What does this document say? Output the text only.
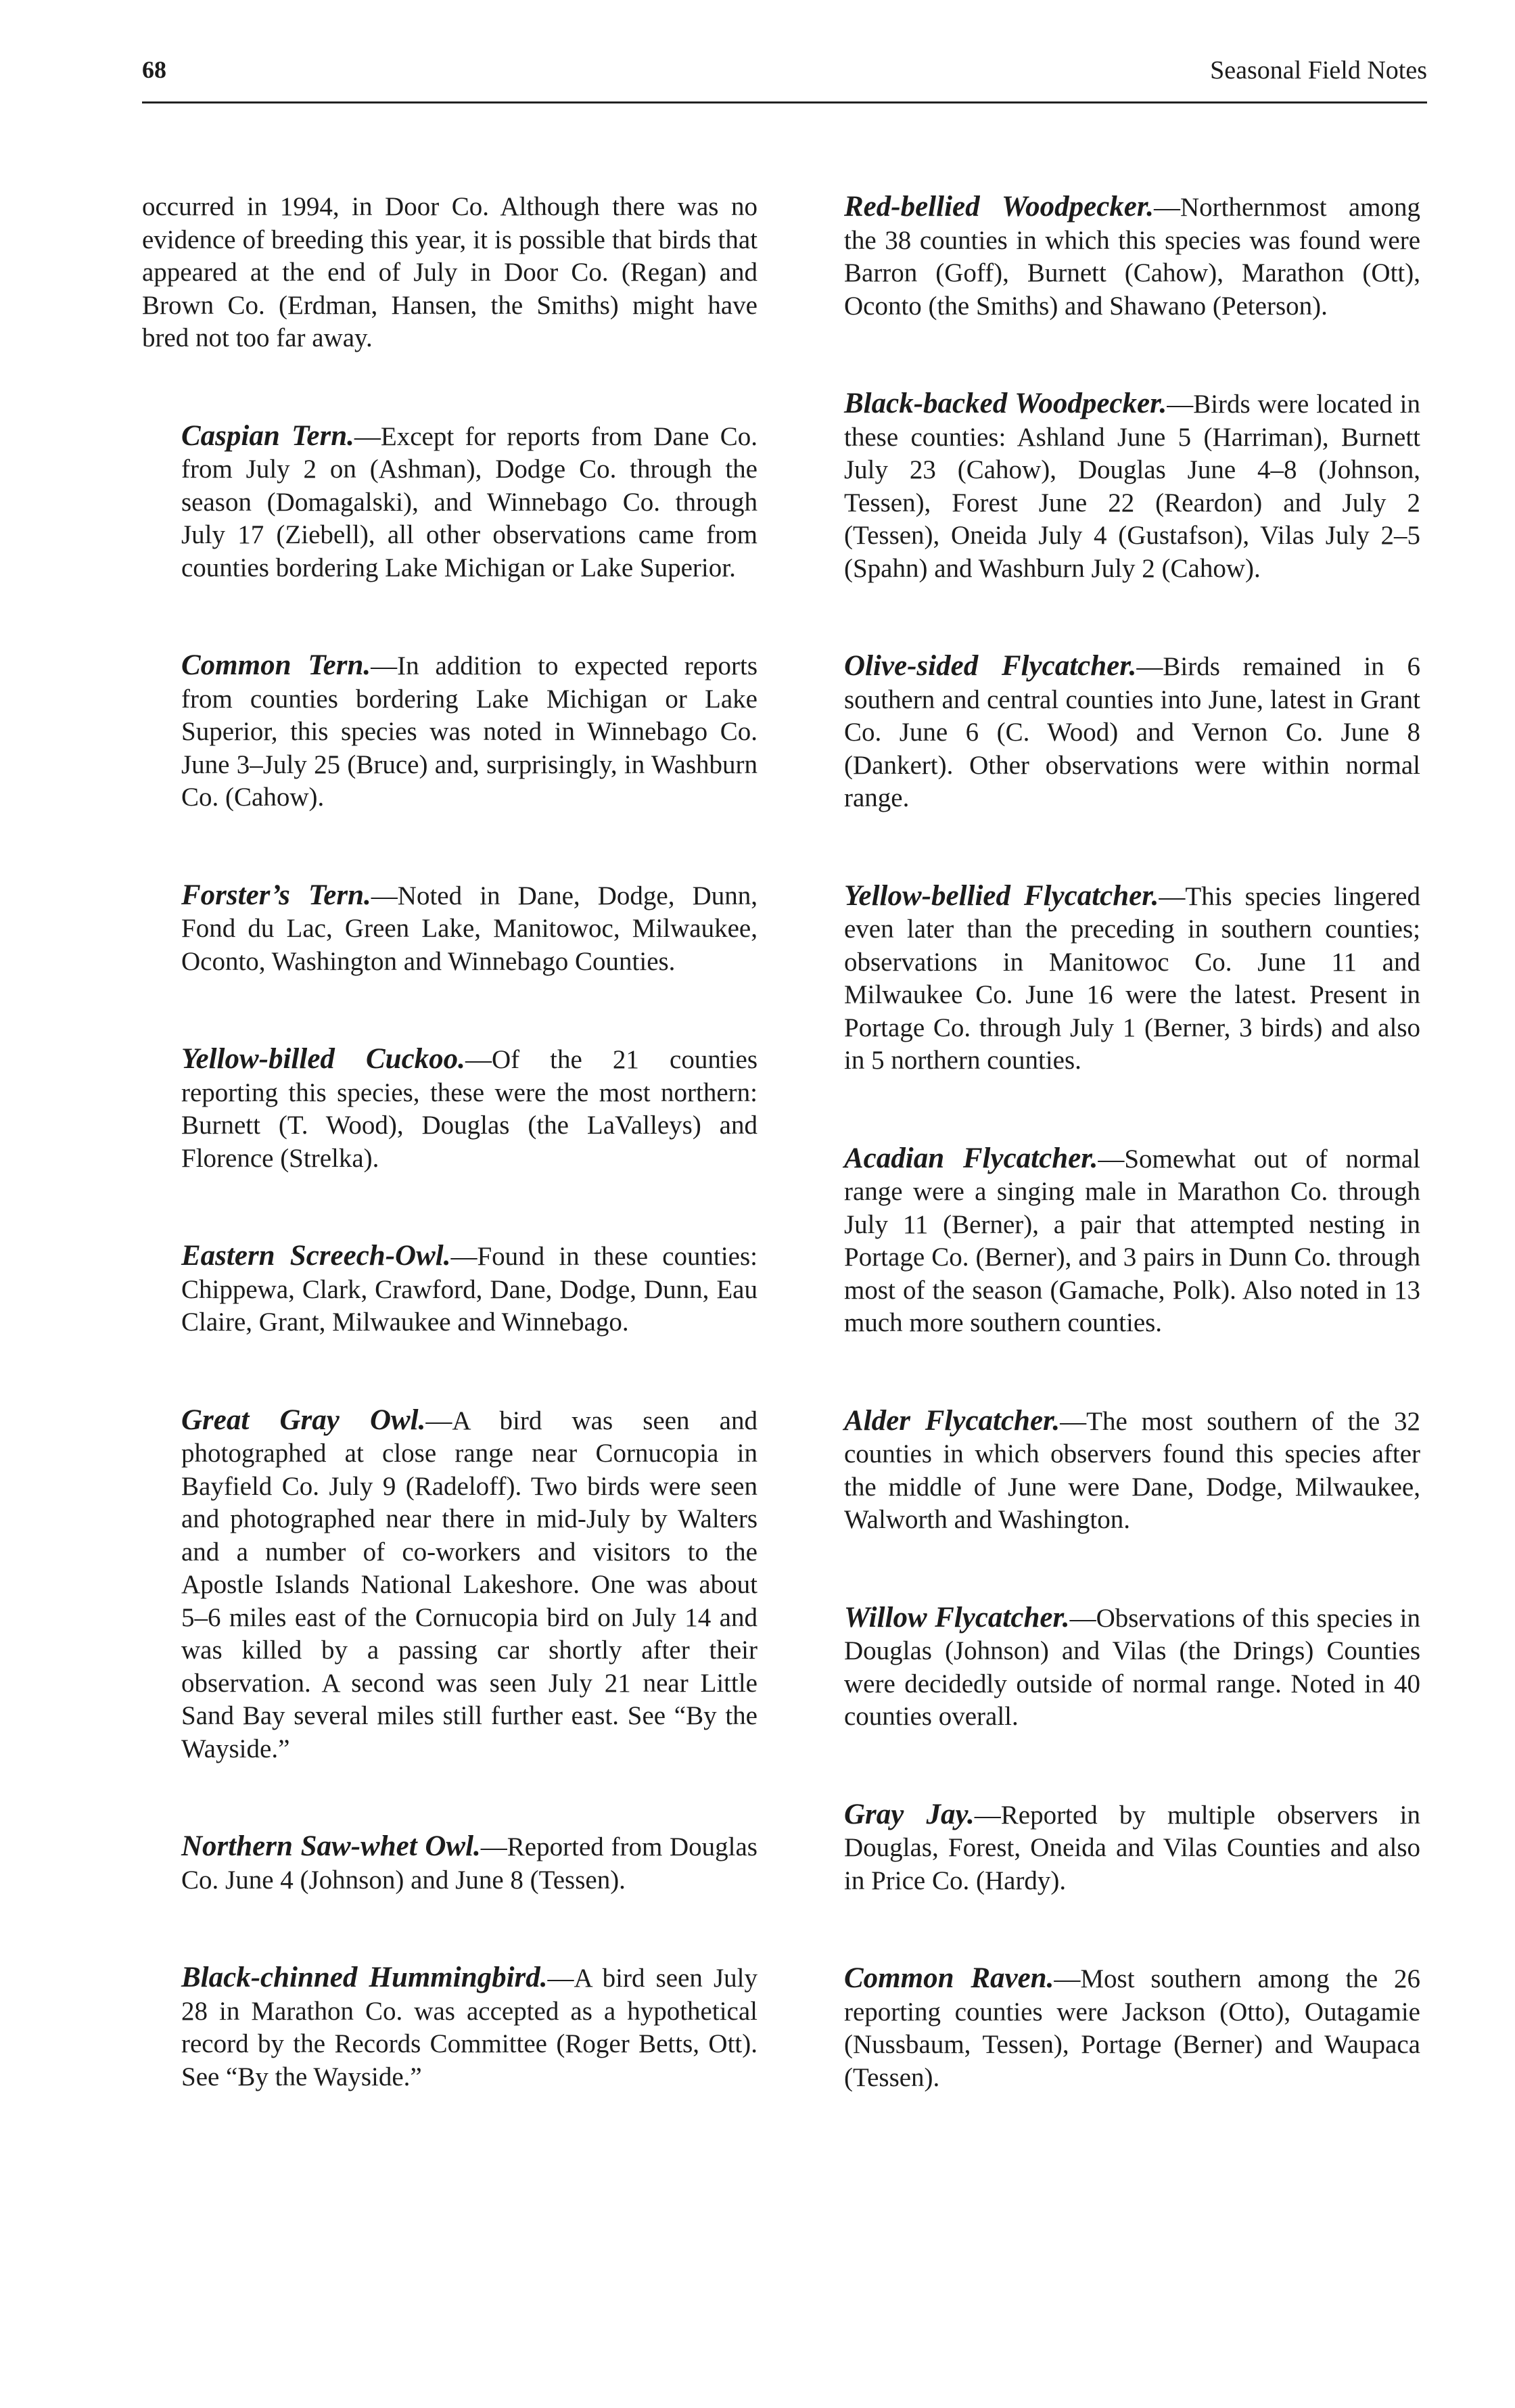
68	Seasonal Field Notes

occurred in 1994, in Door Co. Although there was no evidence of breeding this year, it is possible that birds that appeared at the end of July in Door Co. (Regan) and Brown Co. (Erdman, Hansen, the Smiths) might have bred not too far away.

Caspian Tern.—Except for reports from Dane Co. from July 2 on (Ashman), Dodge Co. through the season (Domagalski), and Winnebago Co. through July 17 (Ziebell), all other observations came from counties bordering Lake Michigan or Lake Superior.

Common Tern.—In addition to expected reports from counties bordering Lake Michigan or Lake Superior, this species was noted in Winnebago Co. June 3–July 25 (Bruce) and, surprisingly, in Washburn Co. (Cahow).

Forster’s Tern.—Noted in Dane, Dodge, Dunn, Fond du Lac, Green Lake, Manitowoc, Milwaukee, Oconto, Washington and Winnebago Counties.

Yellow-billed Cuckoo.—Of the 21 counties reporting this species, these were the most northern: Burnett (T. Wood), Douglas (the LaValleys) and Florence (Strelka).

Eastern Screech-Owl.—Found in these counties: Chippewa, Clark, Crawford, Dane, Dodge, Dunn, Eau Claire, Grant, Milwaukee and Winnebago.

Great Gray Owl.—A bird was seen and photographed at close range near Cornucopia in Bayfield Co. July 9 (Radeloff). Two birds were seen and photographed near there in mid-July by Walters and a number of co-workers and visitors to the Apostle Islands National Lakeshore. One was about 5–6 miles east of the Cornucopia bird on July 14 and was killed by a passing car shortly after their observation. A second was seen July 21 near Little Sand Bay several miles still further east. See “By the Wayside.”

Northern Saw-whet Owl.—Reported from Douglas Co. June 4 (Johnson) and June 8 (Tessen).

Black-chinned Hummingbird.—A bird seen July 28 in Marathon Co. was accepted as a hypothetical record by the Records Committee (Roger Betts, Ott). See “By the Wayside.”

Red-bellied Woodpecker.—Northernmost among the 38 counties in which this species was found were Barron (Goff), Burnett (Cahow), Marathon (Ott), Oconto (the Smiths) and Shawano (Peterson).

Black-backed Woodpecker.—Birds were located in these counties: Ashland June 5 (Harriman), Burnett July 23 (Cahow), Douglas June 4–8 (Johnson, Tessen), Forest June 22 (Reardon) and July 2 (Tessen), Oneida July 4 (Gustafson), Vilas July 2–5 (Spahn) and Washburn July 2 (Cahow).

Olive-sided Flycatcher.—Birds remained in 6 southern and central counties into June, latest in Grant Co. June 6 (C. Wood) and Vernon Co. June 8 (Dankert). Other observations were within normal range.

Yellow-bellied Flycatcher.—This species lingered even later than the preceding in southern counties; observations in Manitowoc Co. June 11 and Milwaukee Co. June 16 were the latest. Present in Portage Co. through July 1 (Berner, 3 birds) and also in 5 northern counties.

Acadian Flycatcher.—Somewhat out of normal range were a singing male in Marathon Co. through July 11 (Berner), a pair that attempted nesting in Portage Co. (Berner), and 3 pairs in Dunn Co. through most of the season (Gamache, Polk). Also noted in 13 much more southern counties.

Alder Flycatcher.—The most southern of the 32 counties in which observers found this species after the middle of June were Dane, Dodge, Milwaukee, Walworth and Washington.

Willow Flycatcher.—Observations of this species in Douglas (Johnson) and Vilas (the Drings) Counties were decidedly outside of normal range. Noted in 40 counties overall.

Gray Jay.—Reported by multiple observers in Douglas, Forest, Oneida and Vilas Counties and also in Price Co. (Hardy).

Common Raven.—Most southern among the 26 reporting counties were Jackson (Otto), Outagamie (Nussbaum, Tessen), Portage (Berner) and Waupaca (Tessen).
